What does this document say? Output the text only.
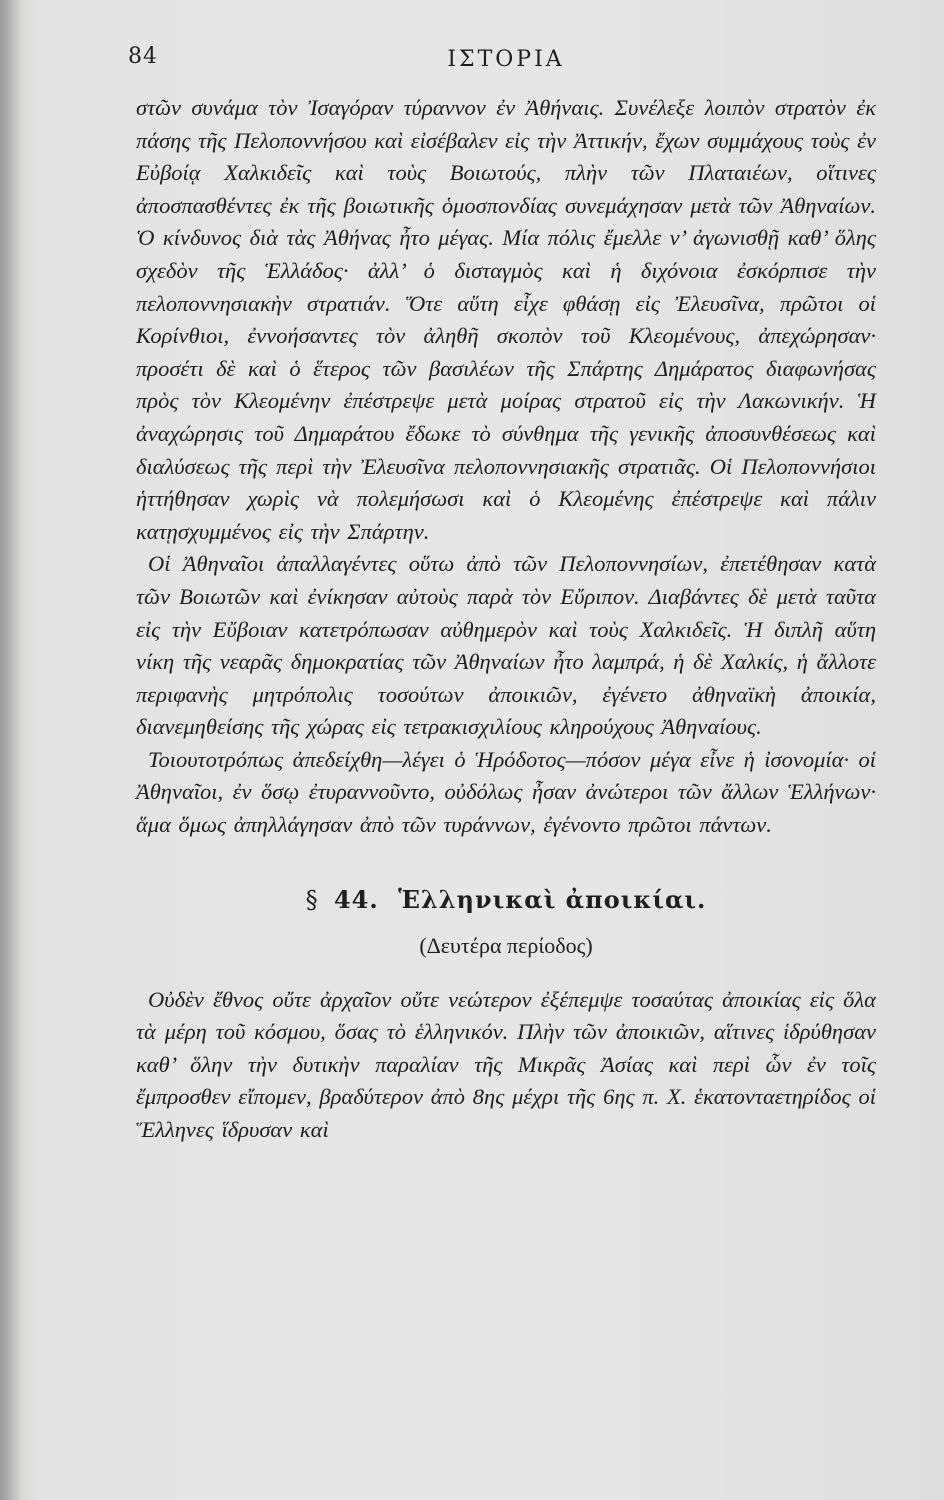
84	ΙΣΤΟΡΙΑ

στῶν συνάμα τὸν Ἰσαγόραν τύραννον ἐν Ἀθήναις. Συνέλεξε λοιπὸν στρατὸν ἐκ πάσης τῆς Πελοποννήσου καὶ εἰσέβαλεν εἰς τὴν Ἀττικήν, ἔχων συμμάχους τοὺς ἐν Εὐβοίᾳ Χαλκιδεῖς καὶ τοὺς Βοιωτούς, πλὴν τῶν Πλαταιέων, οἵτινες ἀποσπασθέντες ἐκ τῆς βοιωτικῆς ὁμοσπονδίας συνεμάχησαν μετὰ τῶν Ἀθηναίων. Ὁ κίνδυνος διὰ τὰς Ἀθήνας ἦτο μέγας. Μία πόλις ἔμελλε ν’ ἀγωνισθῇ καθ’ ὅλης σχεδὸν τῆς Ἑλλάδος· ἀλλ’ ὁ δισταγμὸς καὶ ἡ διχόνοια ἐσκόρπισε τὴν πελοποννησιακὴν στρατιάν. Ὅτε αὕτη εἶχε φθάσῃ εἰς Ἐλευσῖνα, πρῶτοι οἱ Κορίνθιοι, ἐννοήσαντες τὸν ἀληθῆ σκοπὸν τοῦ Κλεομένους, ἀπεχώρησαν· προσέτι δὲ καὶ ὁ ἕτερος τῶν βασιλέων τῆς Σπάρτης Δημάρατος διαφωνήσας πρὸς τὸν Κλεομένην ἐπέστρεψε μετὰ μοίρας στρατοῦ εἰς τὴν Λακωνικήν. Ἡ ἀναχώρησις τοῦ Δημαράτου ἔδωκε τὸ σύνθημα τῆς γενικῆς ἀποσυνθέσεως καὶ διαλύσεως τῆς περὶ τὴν Ἐλευσῖνα πελοποννησιακῆς στρατιᾶς. Οἱ Πελοποννήσιοι ἡττήθησαν χωρὶς νὰ πολεμήσωσι καὶ ὁ Κλεομένης ἐπέστρεψε καὶ πάλιν κατῃσχυμμένος εἰς τὴν Σπάρτην.

Οἱ Ἀθηναῖοι ἀπαλλαγέντες οὕτω ἀπὸ τῶν Πελοποννησίων, ἐπετέθησαν κατὰ τῶν Βοιωτῶν καὶ ἐνίκησαν αὐτοὺς παρὰ τὸν Εὔριπον. Διαβάντες δὲ μετὰ ταῦτα εἰς τὴν Εὔβοιαν κατετρόπωσαν αὐθημερὸν καὶ τοὺς Χαλκιδεῖς. Ἡ διπλῆ αὕτη νίκη τῆς νεαρᾶς δημοκρατίας τῶν Ἀθηναίων ἦτο λαμπρά, ἡ δὲ Χαλκίς, ἡ ἄλλοτε περιφανὴς μητρόπολις τοσούτων ἀποικιῶν, ἐγένετο ἀθηναϊκὴ ἀποικία, διανεμηθείσης τῆς χώρας εἰς τετρακισχιλίους κληρούχους Ἀθηναίους.

Τοιουτοτρόπως ἀπεδείχθη—λέγει ὁ Ἡρόδοτος—πόσον μέγα εἶνε ἡ ἰσονομία· οἱ Ἀθηναῖοι, ἐν ὅσῳ ἐτυραννοῦντο, οὐδόλως ἦσαν ἀνώτεροι τῶν ἄλλων Ἑλλήνων· ἅμα ὅμως ἀπηλλάγησαν ἀπὸ τῶν τυράννων, ἐγένοντο πρῶτοι πάντων.

§ 44. Ἑλληνικαὶ ἀποικίαι.
(Δευτέρα περίοδος)

Οὐδὲν ἔθνος οὔτε ἀρχαῖον οὔτε νεώτερον ἐξέπεμψε τοσαύτας ἀποικίας εἰς ὅλα τὰ μέρη τοῦ κόσμου, ὅσας τὸ ἑλληνικόν. Πλὴν τῶν ἀποικιῶν, αἵτινες ἱδρύθησαν καθ’ ὅλην τὴν δυτικὴν παραλίαν τῆς Μικρᾶς Ἀσίας καὶ περὶ ὧν ἐν τοῖς ἔμπροσθεν εἴπομεν, βραδύτερον ἀπὸ 8ης μέχρι τῆς 6ης π. Χ. ἑκατονταετηρίδος οἱ Ἕλληνες ἵδρυσαν καὶ
